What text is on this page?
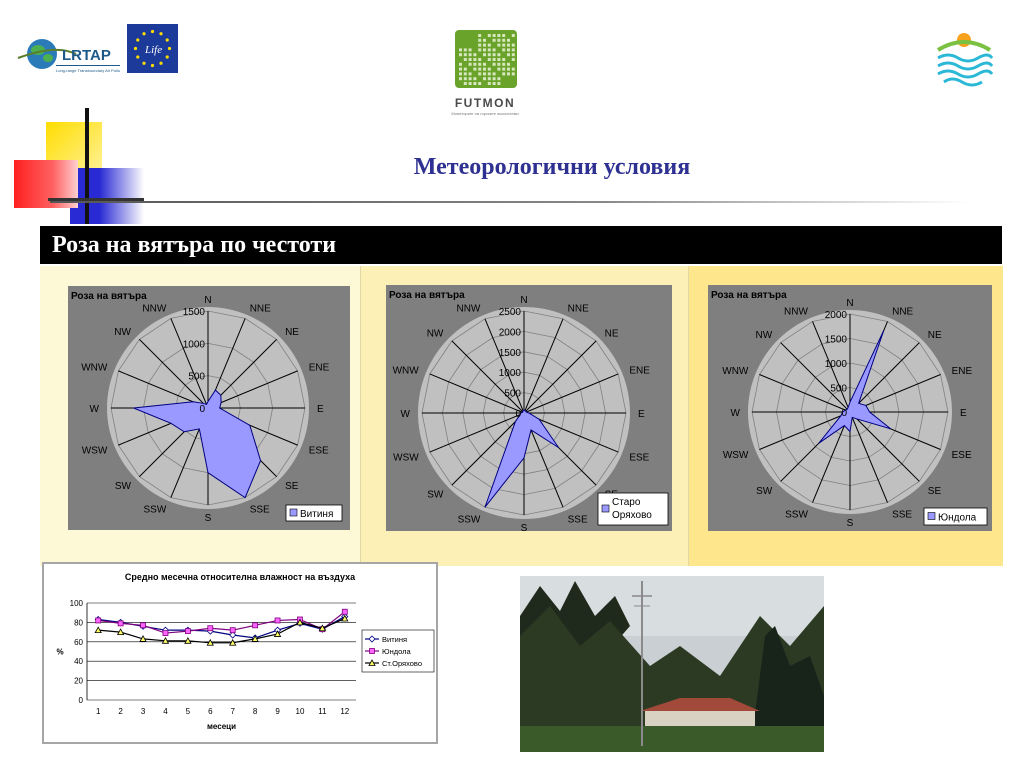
LRTAP
Long-range Transboundary Air Pollution
Life
FUTMON
Мониторинг на горските екосистеми
Метеорологични условия
Роза на вятъра по честоти
0
500
1000
1500
N
NNE
NE
ENE
E
ESE
SE
SSE
S
SSW
SW
WSW
W
WNW
NW
NNW
Роза на вятъра
Витиня
0
500
1000
1500
2000
2500
N
NNE
NE
ENE
E
ESE
SSE
S
SSW
SW
WSW
W
WNW
NW
NNW
Роза на вятъра
Старо
Оряхово
0
500
1000
1500
2000
N
NNE
NE
ENE
E
ESE
SE
SSE
S
SSW
SW
WSW
W
WNW
NW
NNW
Роза на вятъра
Юндола
Средно месечна относителна влажност на въздуха
0
20
40
60
80
100
1 2 3 4 5 6 7 8 9 10 11 12
месеци
%
Витиня
Юндола
Ст.Оряхово
